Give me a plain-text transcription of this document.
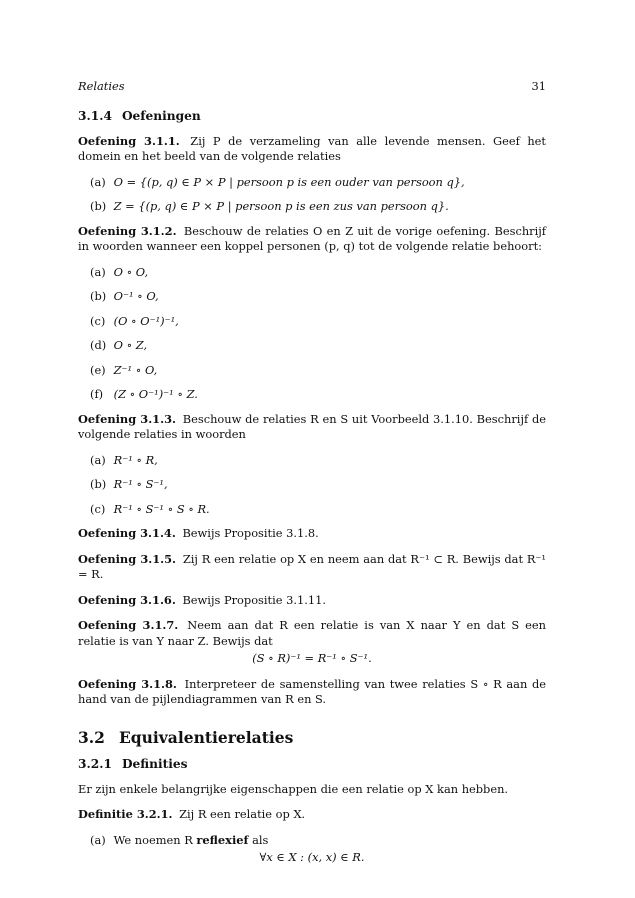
Relaties	31
3.1.4 Oefeningen
Oefening 3.1.1. Zij P de verzameling van alle levende mensen. Geef het domein en het beeld van de volgende relaties
(a) O = {(p, q) ∈ P × P | persoon p is een ouder van persoon q},
(b) Z = {(p, q) ∈ P × P | persoon p is een zus van persoon q}.
Oefening 3.1.2. Beschouw de relaties O en Z uit de vorige oefening. Beschrijf in woorden wanneer een koppel personen (p, q) tot de volgende relatie behoort:
(a) O ∘ O,
(b) O⁻¹ ∘ O,
(c) (O ∘ O⁻¹)⁻¹,
(d) O ∘ Z,
(e) Z⁻¹ ∘ O,
(f) (Z ∘ O⁻¹)⁻¹ ∘ Z.
Oefening 3.1.3. Beschouw de relaties R en S uit Voorbeeld 3.1.10. Beschrijf de volgende relaties in woorden
(a) R⁻¹ ∘ R,
(b) R⁻¹ ∘ S⁻¹,
(c) R⁻¹ ∘ S⁻¹ ∘ S ∘ R.
Oefening 3.1.4. Bewijs Propositie 3.1.8.
Oefening 3.1.5. Zij R een relatie op X en neem aan dat R⁻¹ ⊂ R. Bewijs dat R⁻¹ = R.
Oefening 3.1.6. Bewijs Propositie 3.1.11.
Oefening 3.1.7. Neem aan dat R een relatie is van X naar Y en dat S een relatie is van Y naar Z. Bewijs dat
(S ∘ R)⁻¹ = R⁻¹ ∘ S⁻¹.
Oefening 3.1.8. Interpreteer de samenstelling van twee relaties S ∘ R aan de hand van de pijlendiagrammen van R en S.
3.2 Equivalentierelaties
3.2.1 Definities
Er zijn enkele belangrijke eigenschappen die een relatie op X kan hebben.
Definitie 3.2.1. Zij R een relatie op X.
(a) We noemen R reflexief als
∀x ∈ X : (x, x) ∈ R.
